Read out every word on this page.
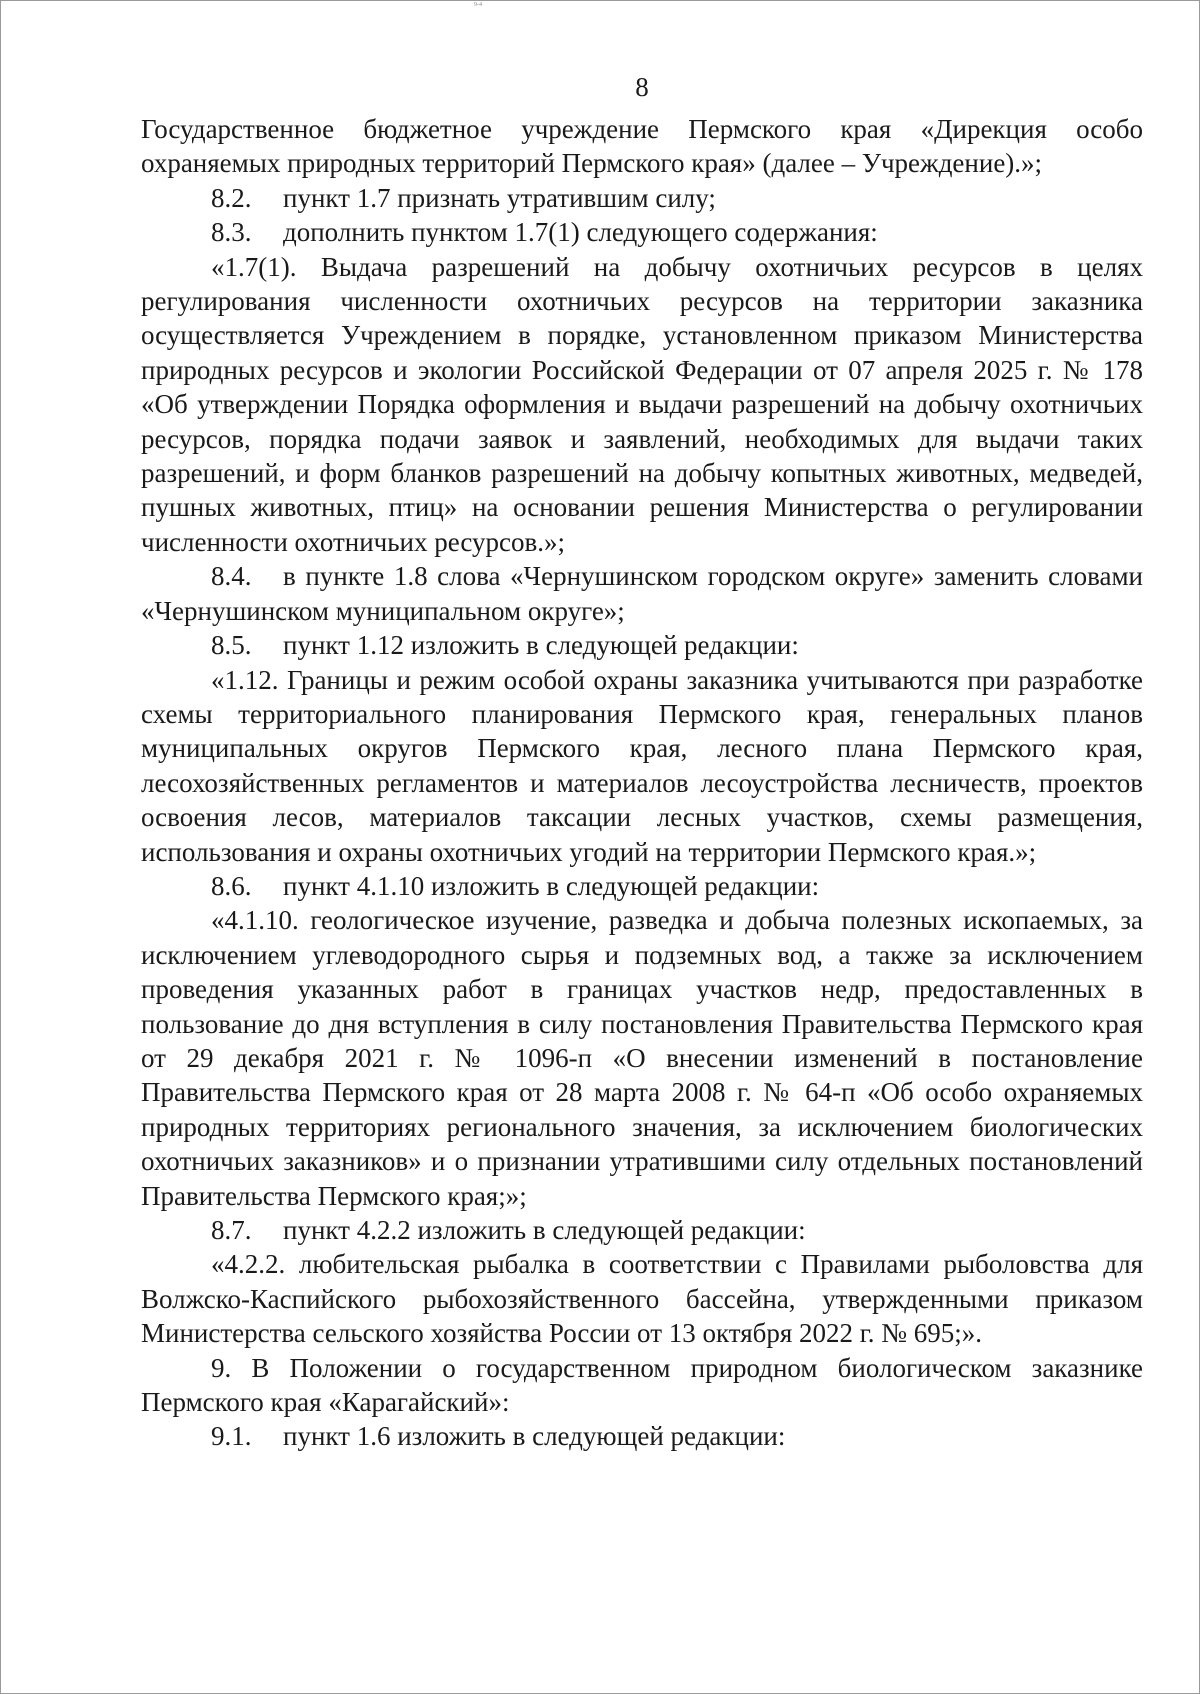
9-4
8

Государственное бюджетное учреждение Пермского края «Дирекция особо охраняемых природных территорий Пермского края» (далее – Учреждение).»;

8.2. пункт 1.7 признать утратившим силу;

8.3. дополнить пунктом 1.7(1) следующего содержания:

«1.7(1). Выдача разрешений на добычу охотничьих ресурсов в целях регулирования численности охотничьих ресурсов на территории заказника осуществляется Учреждением в порядке, установленном приказом Министерства природных ресурсов и экологии Российской Федерации от 07 апреля 2025 г. № 178 «Об утверждении Порядка оформления и выдачи разрешений на добычу охотничьих ресурсов, порядка подачи заявок и заявлений, необходимых для выдачи таких разрешений, и форм бланков разрешений на добычу копытных животных, медведей, пушных животных, птиц» на основании решения Министерства о регулировании численности охотничьих ресурсов.»;

8.4. в пункте 1.8 слова «Чернушинском городском округе» заменить словами «Чернушинском муниципальном округе»;

8.5. пункт 1.12 изложить в следующей редакции:

«1.12. Границы и режим особой охраны заказника учитываются при разработке схемы территориального планирования Пермского края, генеральных планов муниципальных округов Пермского края, лесного плана Пермского края, лесохозяйственных регламентов и материалов лесоустройства лесничеств, проектов освоения лесов, материалов таксации лесных участков, схемы размещения, использования и охраны охотничьих угодий на территории Пермского края.»;

8.6. пункт 4.1.10 изложить в следующей редакции:

«4.1.10. геологическое изучение, разведка и добыча полезных ископаемых, за исключением углеводородного сырья и подземных вод, а также за исключением проведения указанных работ в границах участков недр, предоставленных в пользование до дня вступления в силу постановления Правительства Пермского края от 29 декабря 2021 г. № 1096-п «О внесении изменений в постановление Правительства Пермского края от 28 марта 2008 г. № 64-п «Об особо охраняемых природных территориях регионального значения, за исключением биологических охотничьих заказников» и о признании утратившими силу отдельных постановлений Правительства Пермского края;»;

8.7. пункт 4.2.2 изложить в следующей редакции:

«4.2.2. любительская рыбалка в соответствии с Правилами рыболовства для Волжско-Каспийского рыбохозяйственного бассейна, утвержденными приказом Министерства сельского хозяйства России от 13 октября 2022 г. № 695;».

9. В Положении о государственном природном биологическом заказнике Пермского края «Карагайский»:

9.1. пункт 1.6 изложить в следующей редакции:
